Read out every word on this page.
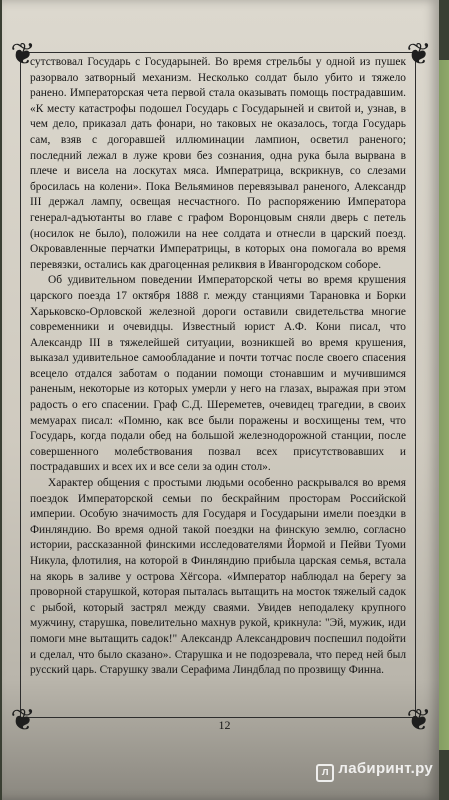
❦	❦
❦	❦

сутствовал Государь с Государыней. Во время стрельбы у одной из пушек разорвало затворный механизм. Несколько солдат было убито и тяжело ранено. Императорская чета первой стала оказывать помощь пострадавшим. «К месту катастрофы подошел Государь с Государыней и свитой и, узнав, в чем дело, приказал дать фонари, но таковых не оказалось, тогда Государь сам, взяв с догоравшей иллюминации лампион, осветил раненого; последний лежал в луже крови без сознания, одна рука была вырвана в плече и висела на лоскутах мяса. Императрица, вскрикнув, со слезами бросилась на колени». Пока Вельяминов перевязывал раненого, Александр III держал лампу, освещая несчастного. По распоряжению Императора генерал-адъютанты во главе с графом Воронцовым сняли дверь с петель (носилок не было), положили на нее солдата и отнесли в царский поезд. Окровавленные перчатки Императрицы, в которых она помогала во время перевязки, остались как драгоценная реликвия в Ивангородском соборе.

Об удивительном поведении Императорской четы во время крушения царского поезда 17 октября 1888 г. между станциями Тарановка и Борки Харьковско-Орловской железной дороги оставили свидетельства многие современники и очевидцы. Известный юрист А.Ф. Кони писал, что Александр III в тяжелейшей ситуации, возникшей во время крушения, выказал удивительное самообладание и почти тотчас после своего спасения всецело отдался заботам о подании помощи стонавшим и мучившимся раненым, некоторые из которых умерли у него на глазах, выражая при этом радость о его спасении. Граф С.Д. Шереметев, очевидец трагедии, в своих мемуарах писал: «Помню, как все были поражены и восхищены тем, что Государь, когда подали обед на большой железнодорожной станции, после совершенного молебствования позвал всех присутствовавших и пострадавших и всех их и все сели за один стол».

Характер общения с простыми людьми особенно раскрывался во время поездок Императорской семьи по бескрайним просторам Российской империи. Особую значимость для Государя и Государыни имели поездки в Финляндию. Во время одной такой поездки на финскую землю, согласно истории, рассказанной финскими исследователями Йормой и Пейви Туоми Никула, флотилия, на которой в Финляндию прибыла царская семья, встала на якорь в заливе у острова Хёгсора. «Император наблюдал на берегу за проворной старушкой, которая пыталась вытащить на мосток тяжелый садок с рыбой, который застрял между сваями. Увидев неподалеку крупного мужчину, старушка, повелительно махнув рукой, крикнула: "Эй, мужик, иди помоги мне вытащить садок!" Александр Александрович поспешил подойти и сделал, что было сказано». Старушка и не подозревала, что перед ней был русский царь. Старушку звали Серафима Линдблад по прозвищу Финна.

12
л лабиринт.ру
